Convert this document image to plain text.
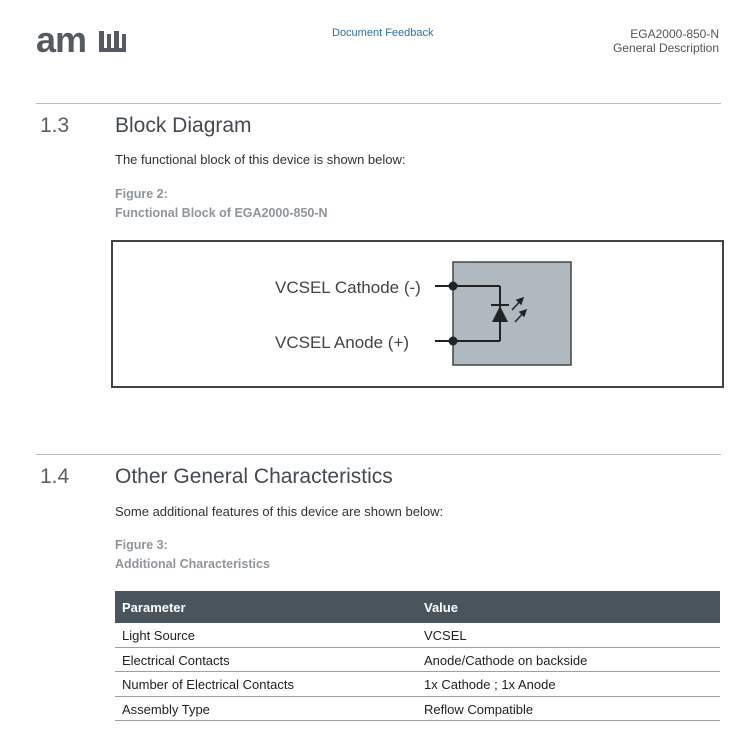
am	Document Feedback	EGA2000-850-N
General Description
1.3 Block Diagram
The functional block of this device is shown below:
Figure 2:
Functional Block of EGA2000-850-N
VCSEL Cathode (-)
VCSEL Anode (+)
1.4 Other General Characteristics
Some additional features of this device are shown below:
Figure 3:
Additional Characteristics
Parameter	Value
Light Source	VCSEL
Electrical Contacts	Anode/Cathode on backside
Number of Electrical Contacts	1x Cathode ; 1x Anode
Assembly Type	Reflow Compatible
